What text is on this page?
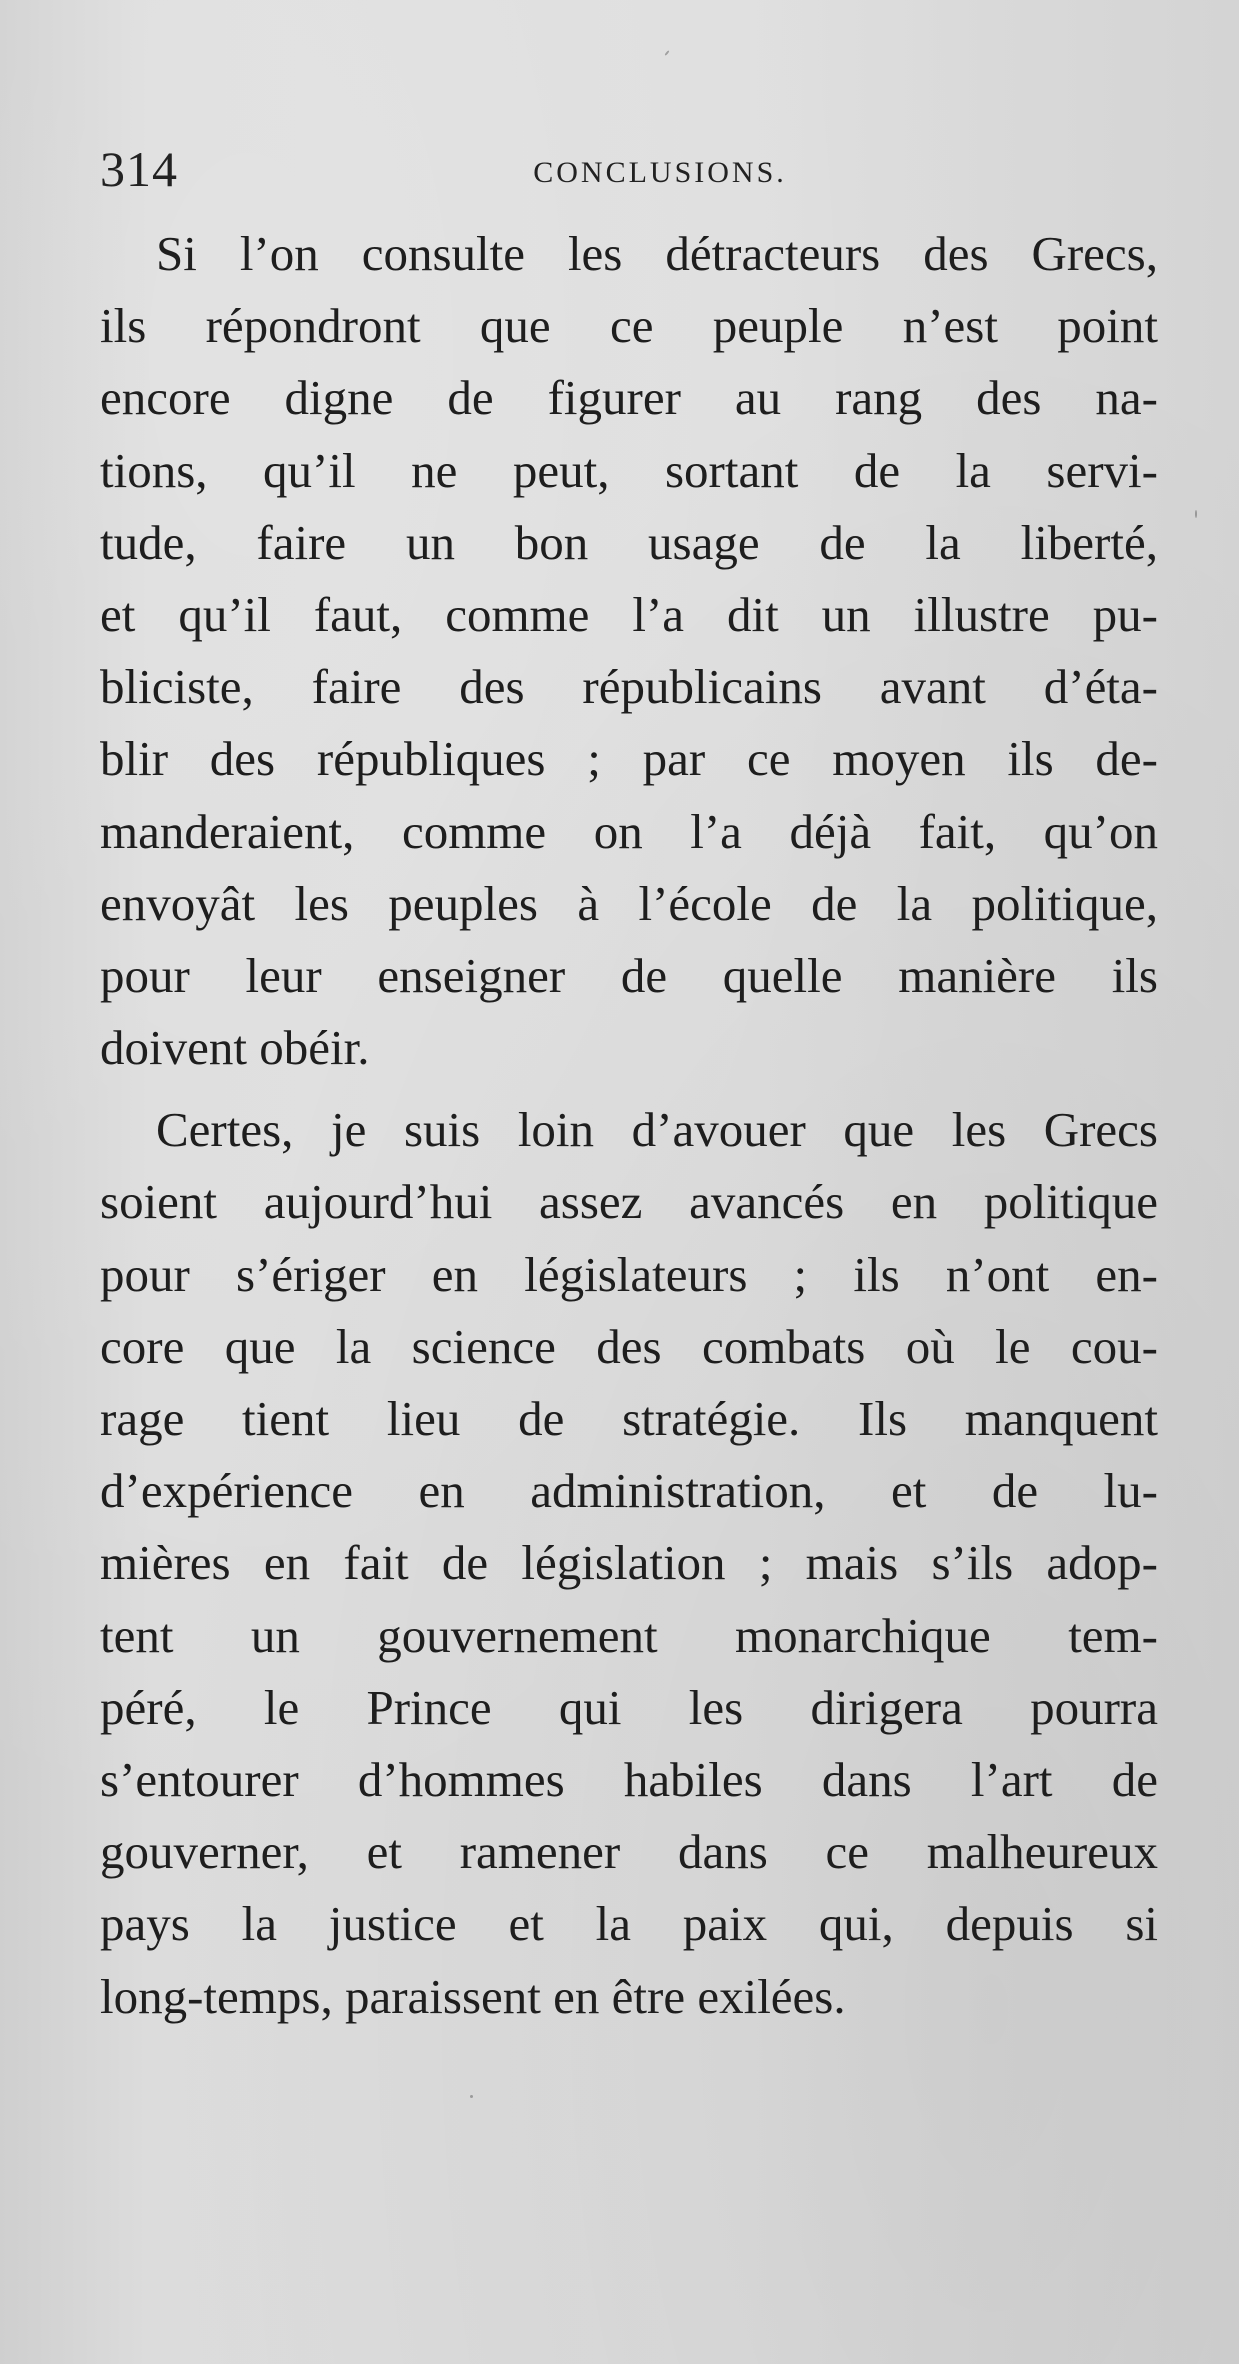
314	CONCLUSIONS.
Si l’on consulte les détracteurs des Grecs,
ils répondront que ce peuple n’est point
encore digne de figurer au rang des na-
tions, qu’il ne peut, sortant de la servi-
tude, faire un bon usage de la liberté,
et qu’il faut, comme l’a dit un illustre pu-
bliciste, faire des républicains avant d’éta-
blir des républiques ; par ce moyen ils de-
manderaient, comme on l’a déjà fait, qu’on
envoyât les peuples à l’école de la politique,
pour leur enseigner de quelle manière ils
doivent obéir.
Certes, je suis loin d’avouer que les Grecs
soient aujourd’hui assez avancés en politique
pour s’ériger en législateurs ; ils n’ont en-
core que la science des combats où le cou-
rage tient lieu de stratégie. Ils manquent
d’expérience en administration, et de lu-
mières en fait de législation ; mais s’ils adop-
tent un gouvernement monarchique tem-
péré, le Prince qui les dirigera pourra
s’entourer d’hommes habiles dans l’art de
gouverner, et ramener dans ce malheureux
pays la justice et la paix qui, depuis si
long-temps, paraissent en être exilées.
